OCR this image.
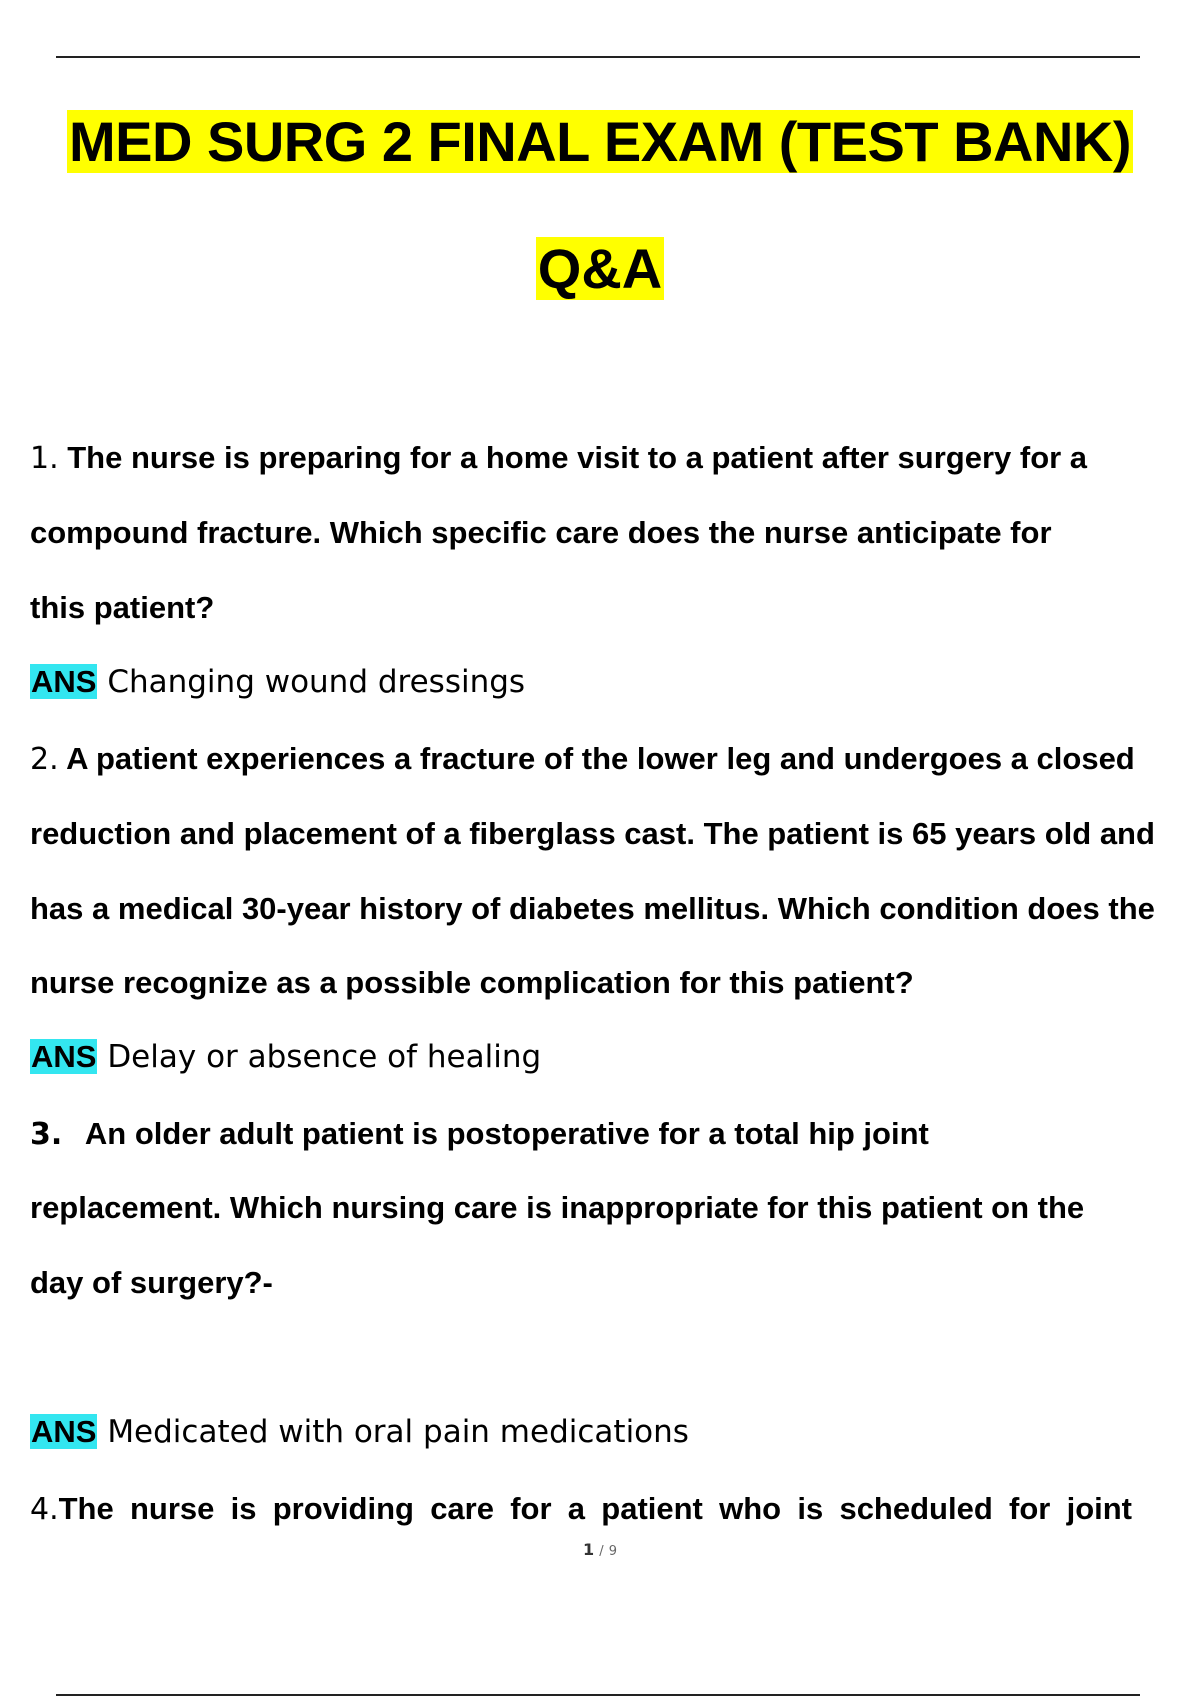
MED SURG 2 FINAL EXAM (TEST BANK)
Q&A
1. The nurse is preparing for a home visit to a patient after surgery for a
compound fracture. Which specific care does the nurse anticipate for
this patient?
ANS Changing wound dressings
2. A patient experiences a fracture of the lower leg and undergoes a closed
reduction and placement of a fiberglass cast. The patient is 65 years old and
has a medical 30-year history of diabetes mellitus. Which condition does the
nurse recognize as a possible complication for this patient?
ANS Delay or absence of healing
3. An older adult patient is postoperative for a total hip joint
replacement. Which nursing care is inappropriate for this patient on the
day of surgery?-
ANS Medicated with oral pain medications
4.The nurse is providing care for a patient who is scheduled for joint
1 / 9
